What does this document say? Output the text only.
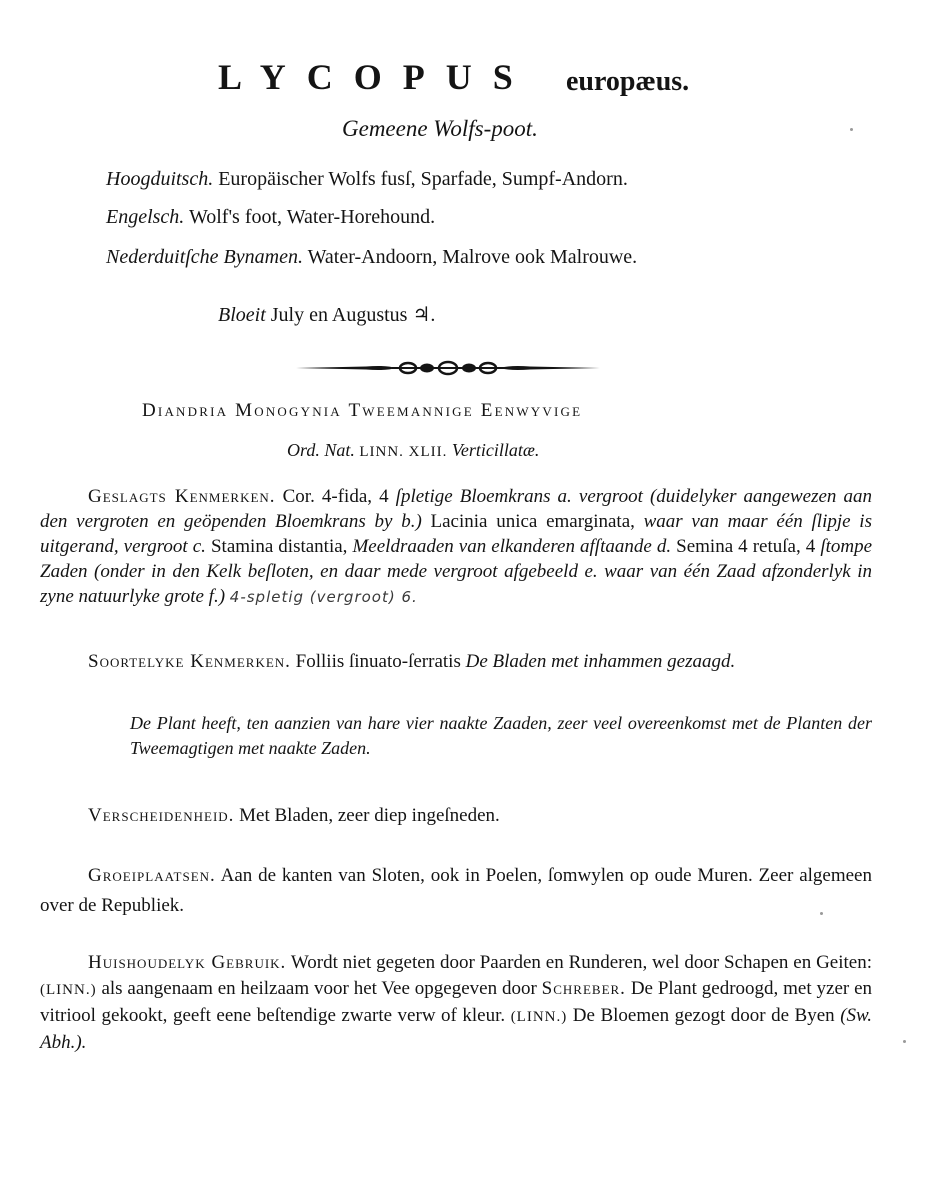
LYCOPUS europæus.
Gemeene Wolfs-poot.
Hoogduitsch. Europäischer Wolfs fusſ, Sparfade, Sumpf-Andorn.
Engelsch. Wolf's foot, Water-Horehound.
Nederduitſche Bynamen. Water-Andoorn, Malrove ook Malrouwe.
Bloeit July en Augustus ♃.
Diandria Monogynia Tweemannige Eenwyvige
Ord. Nat. LINN. XLII. Verticillatæ.
Geslagts Kenmerken. Cor. 4-fida, 4 ſpletige Bloemkrans a. vergroot (duidelyker aangewezen aan den vergroten en geöpenden Bloemkrans by b.) Lacinia unica emarginata, waar van maar één ſlipje is uitgerand, vergroot c. Stamina distantia, Meeldraaden van elkanderen afſtaande d. Semina 4 retuſa, 4 ſtompe Zaden (onder in den Kelk beſloten, en daar mede vergroot afgebeeld e. waar van één Zaad afzonderlyk in zyne natuurlyke grote f.) 4-spletig (vergroot) 6.
Soortelyke Kenmerken. Folliis ſinuato-ſerratis De Bladen met inhammen gezaagd.
De Plant heeft, ten aanzien van hare vier naakte Zaaden, zeer veel overeenkomst met de Planten der Tweemagtigen met naakte Zaden.
Verscheidenheid. Met Bladen, zeer diep ingeſneden.
Groeiplaatsen. Aan de kanten van Sloten, ook in Poelen, ſomwylen op oude Muren. Zeer algemeen over de Republiek.
Huishoudelyk Gebruik. Wordt niet gegeten door Paarden en Runderen, wel door Schapen en Geiten: (LINN.) als aangenaam en heilzaam voor het Vee opgegeven door Schreber. De Plant gedroogd, met yzer en vitriool gekookt, geeft eene beſtendige zwarte verw of kleur. (LINN.) De Bloemen gezogt door de Byen (Sw. Abh.).
